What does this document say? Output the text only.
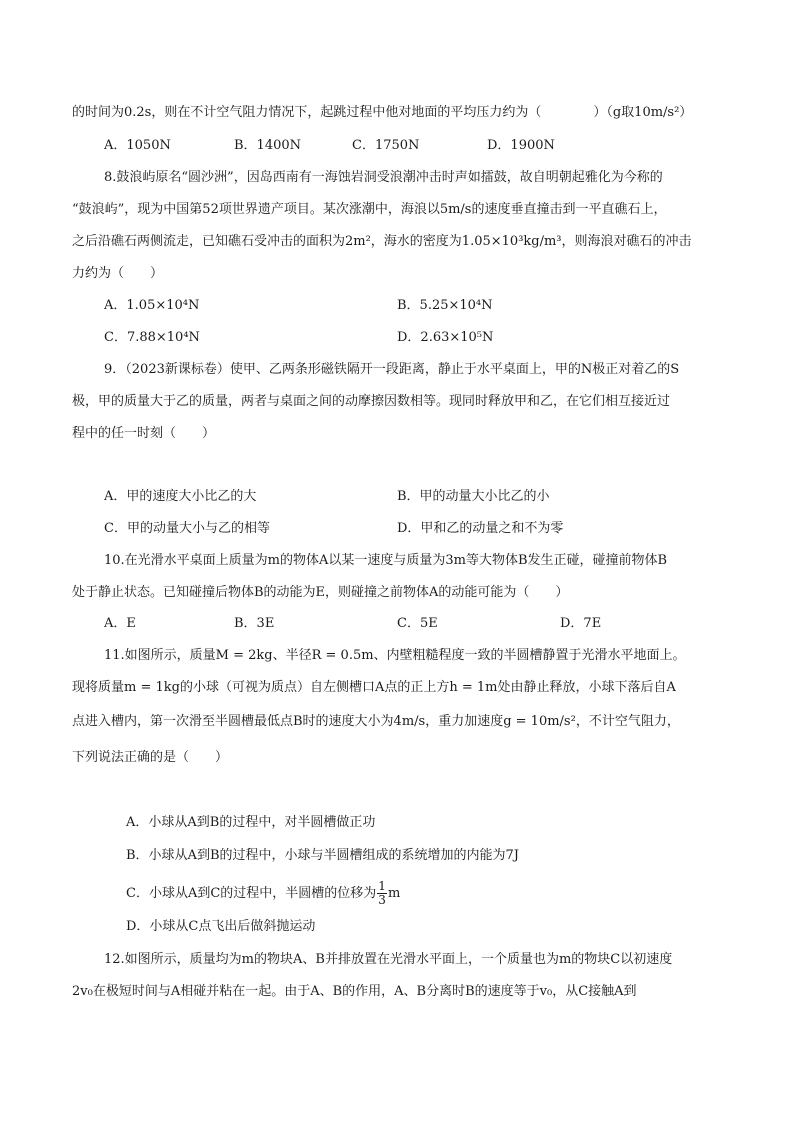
的时间为0.2s，则在不计空气阻力情况下，起跳过程中他对地面的平均压力约为（　　　　）（g取10m/s²）
A．1050N	B．1400N	C．1750N	D．1900N
8.鼓浪屿原名“圆沙洲”，因岛西南有一海蚀岩洞受浪潮冲击时声如擂鼓，故自明朝起雅化为今称的
“鼓浪屿”，现为中国第52项世界遗产项目。某次涨潮中，海浪以5m/s的速度垂直撞击到一平直礁石上，
之后沿礁石两侧流走，已知礁石受冲击的面积为2m²，海水的密度为1.05×10³kg/m³，则海浪对礁石的冲击
力约为（　　）
A．1.05×10⁴N	B．5.25×10⁴N
C．7.88×10⁴N	D．2.63×10⁵N
9．（2023新课标卷）使甲、乙两条形磁铁隔开一段距离，静止于水平桌面上，甲的N极正对着乙的S
极，甲的质量大于乙的质量，两者与桌面之间的动摩擦因数相等。现同时释放甲和乙，在它们相互接近过
程中的任一时刻（　　）
A．甲的速度大小比乙的大	B．甲的动量大小比乙的小
C．甲的动量大小与乙的相等	D．甲和乙的动量之和不为零
10.在光滑水平桌面上质量为m的物体A以某一速度与质量为3m等大物体B发生正碰，碰撞前物体B
处于静止状态。已知碰撞后物体B的动能为E，则碰撞之前物体A的动能可能为（　　）
A．E	B．3E	C．5E	D．7E
11.如图所示，质量M = 2kg、半径R = 0.5m、内壁粗糙程度一致的半圆槽静置于光滑水平地面上。
现将质量m = 1kg的小球（可视为质点）自左侧槽口A点的正上方h = 1m处由静止释放，小球下落后自A
点进入槽内，第一次滑至半圆槽最低点B时的速度大小为4m/s，重力加速度g = 10m/s²，不计空气阻力，
下列说法正确的是（　　）
A．小球从A到B的过程中，对半圆槽做正功
B．小球从A到B的过程中，小球与半圆槽组成的系统增加的内能为7J
C．小球从A到C的过程中，半圆槽的位移为 $\frac{1}{3}$ m
D．小球从C点飞出后做斜抛运动
12.如图所示，质量均为m的物块A、B并排放置在光滑水平面上，一个质量也为m的物块C以初速度
2v₀在极短时间与A相碰并粘在一起。由于A、B的作用，A、B分离时B的速度等于v₀，从C接触A到
